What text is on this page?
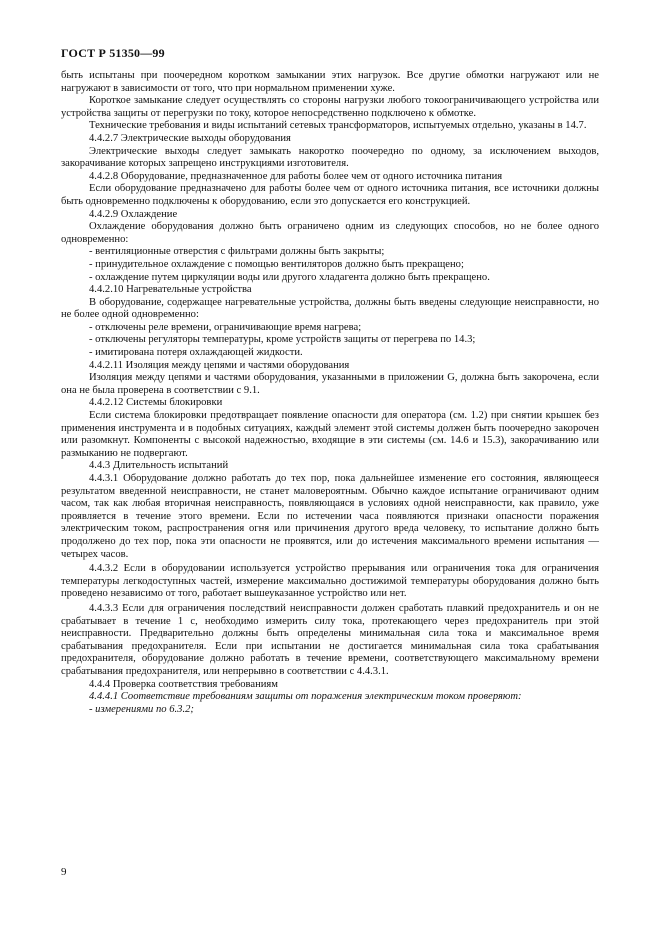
ГОСТ Р 51350—99

быть испытаны при поочередном коротком замыкании этих нагрузок. Все другие обмотки нагружают или не нагружают в зависимости от того, что при нормальном применении хуже.

Короткое замыкание следует осуществлять со стороны нагрузки любого токоограничивающего устройства или устройства защиты от перегрузки по току, которое непосредственно подключено к обмотке.

Технические требования и виды испытаний сетевых трансформаторов, испытуемых отдельно, указаны в 14.7.

4.4.2.7 Электрические выходы оборудования

Электрические выходы следует замыкать накоротко поочередно по одному, за исключением выходов, закорачивание которых запрещено инструкциями изготовителя.

4.4.2.8 Оборудование, предназначенное для работы более чем от одного источника питания

Если оборудование предназначено для работы более чем от одного источника питания, все источники должны быть одновременно подключены к оборудованию, если это допускается его конструкцией.

4.4.2.9 Охлаждение

Охлаждение оборудования должно быть ограничено одним из следующих способов, но не более одного одновременно:

- вентиляционные отверстия с фильтрами должны быть закрыты;

- принудительное охлаждение с помощью вентиляторов должно быть прекращено;

- охлаждение путем циркуляции воды или другого хладагента должно быть прекращено.

4.4.2.10 Нагревательные устройства

В оборудование, содержащее нагревательные устройства, должны быть введены следующие неисправности, но не более одной одновременно:

- отключены реле времени, ограничивающие время нагрева;

- отключены регуляторы температуры, кроме устройств защиты от перегрева по 14.3;

- имитирована потеря охлаждающей жидкости.

4.4.2.11 Изоляция между цепями и частями оборудования

Изоляция между цепями и частями оборудования, указанными в приложении G, должна быть закорочена, если она не была проверена в соответствии с 9.1.

4.4.2.12 Системы блокировки

Если система блокировки предотвращает появление опасности для оператора (см. 1.2) при снятии крышек без применения инструмента и в подобных ситуациях, каждый элемент этой системы должен быть поочередно закорочен или разомкнут. Компоненты с высокой надежностью, входящие в эти системы (см. 14.6 и 15.3), закорачиванию или размыканию не подвергают.

4.4.3 Длительность испытаний

4.4.3.1 Оборудование должно работать до тех пор, пока дальнейшее изменение его состояния, являющееся результатом введенной неисправности, не станет маловероятным. Обычно каждое испытание ограничивают одним часом, так как любая вторичная неисправность, появляющаяся в условиях одной неисправности, как правило, уже проявляется в течение этого времени. Если по истечении часа появляются признаки опасности поражения электрическим током, распространения огня или причинения другого вреда человеку, то испытание должно быть продолжено до тех пор, пока эти опасности не проявятся, или до истечения максимального времени испытания — четырех часов.

4.4.3.2 Если в оборудовании используется устройство прерывания или ограничения тока для ограничения температуры легкодоступных частей, измерение максимально достижимой температуры оборудования должно быть проведено независимо от того, работает вышеуказанное устройство или нет.

4.4.3.3 Если для ограничения последствий неисправности должен сработать плавкий предохранитель и он не срабатывает в течение 1 с, необходимо измерить силу тока, протекающего через предохранитель при этой неисправности. Предварительно должны быть определены минимальная сила тока и максимальное время срабатывания предохранителя. Если при испытании не достигается минимальная сила тока срабатывания предохранителя, оборудование должно работать в течение времени, соответствующего максимальному времени срабатывания предохранителя, или непрерывно в соответствии с 4.4.3.1.

4.4.4 Проверка соответствия требованиям

4.4.4.1 Соответствие требованиям защиты от поражения электрическим током проверяют:

- измерениями по 6.3.2;

9
